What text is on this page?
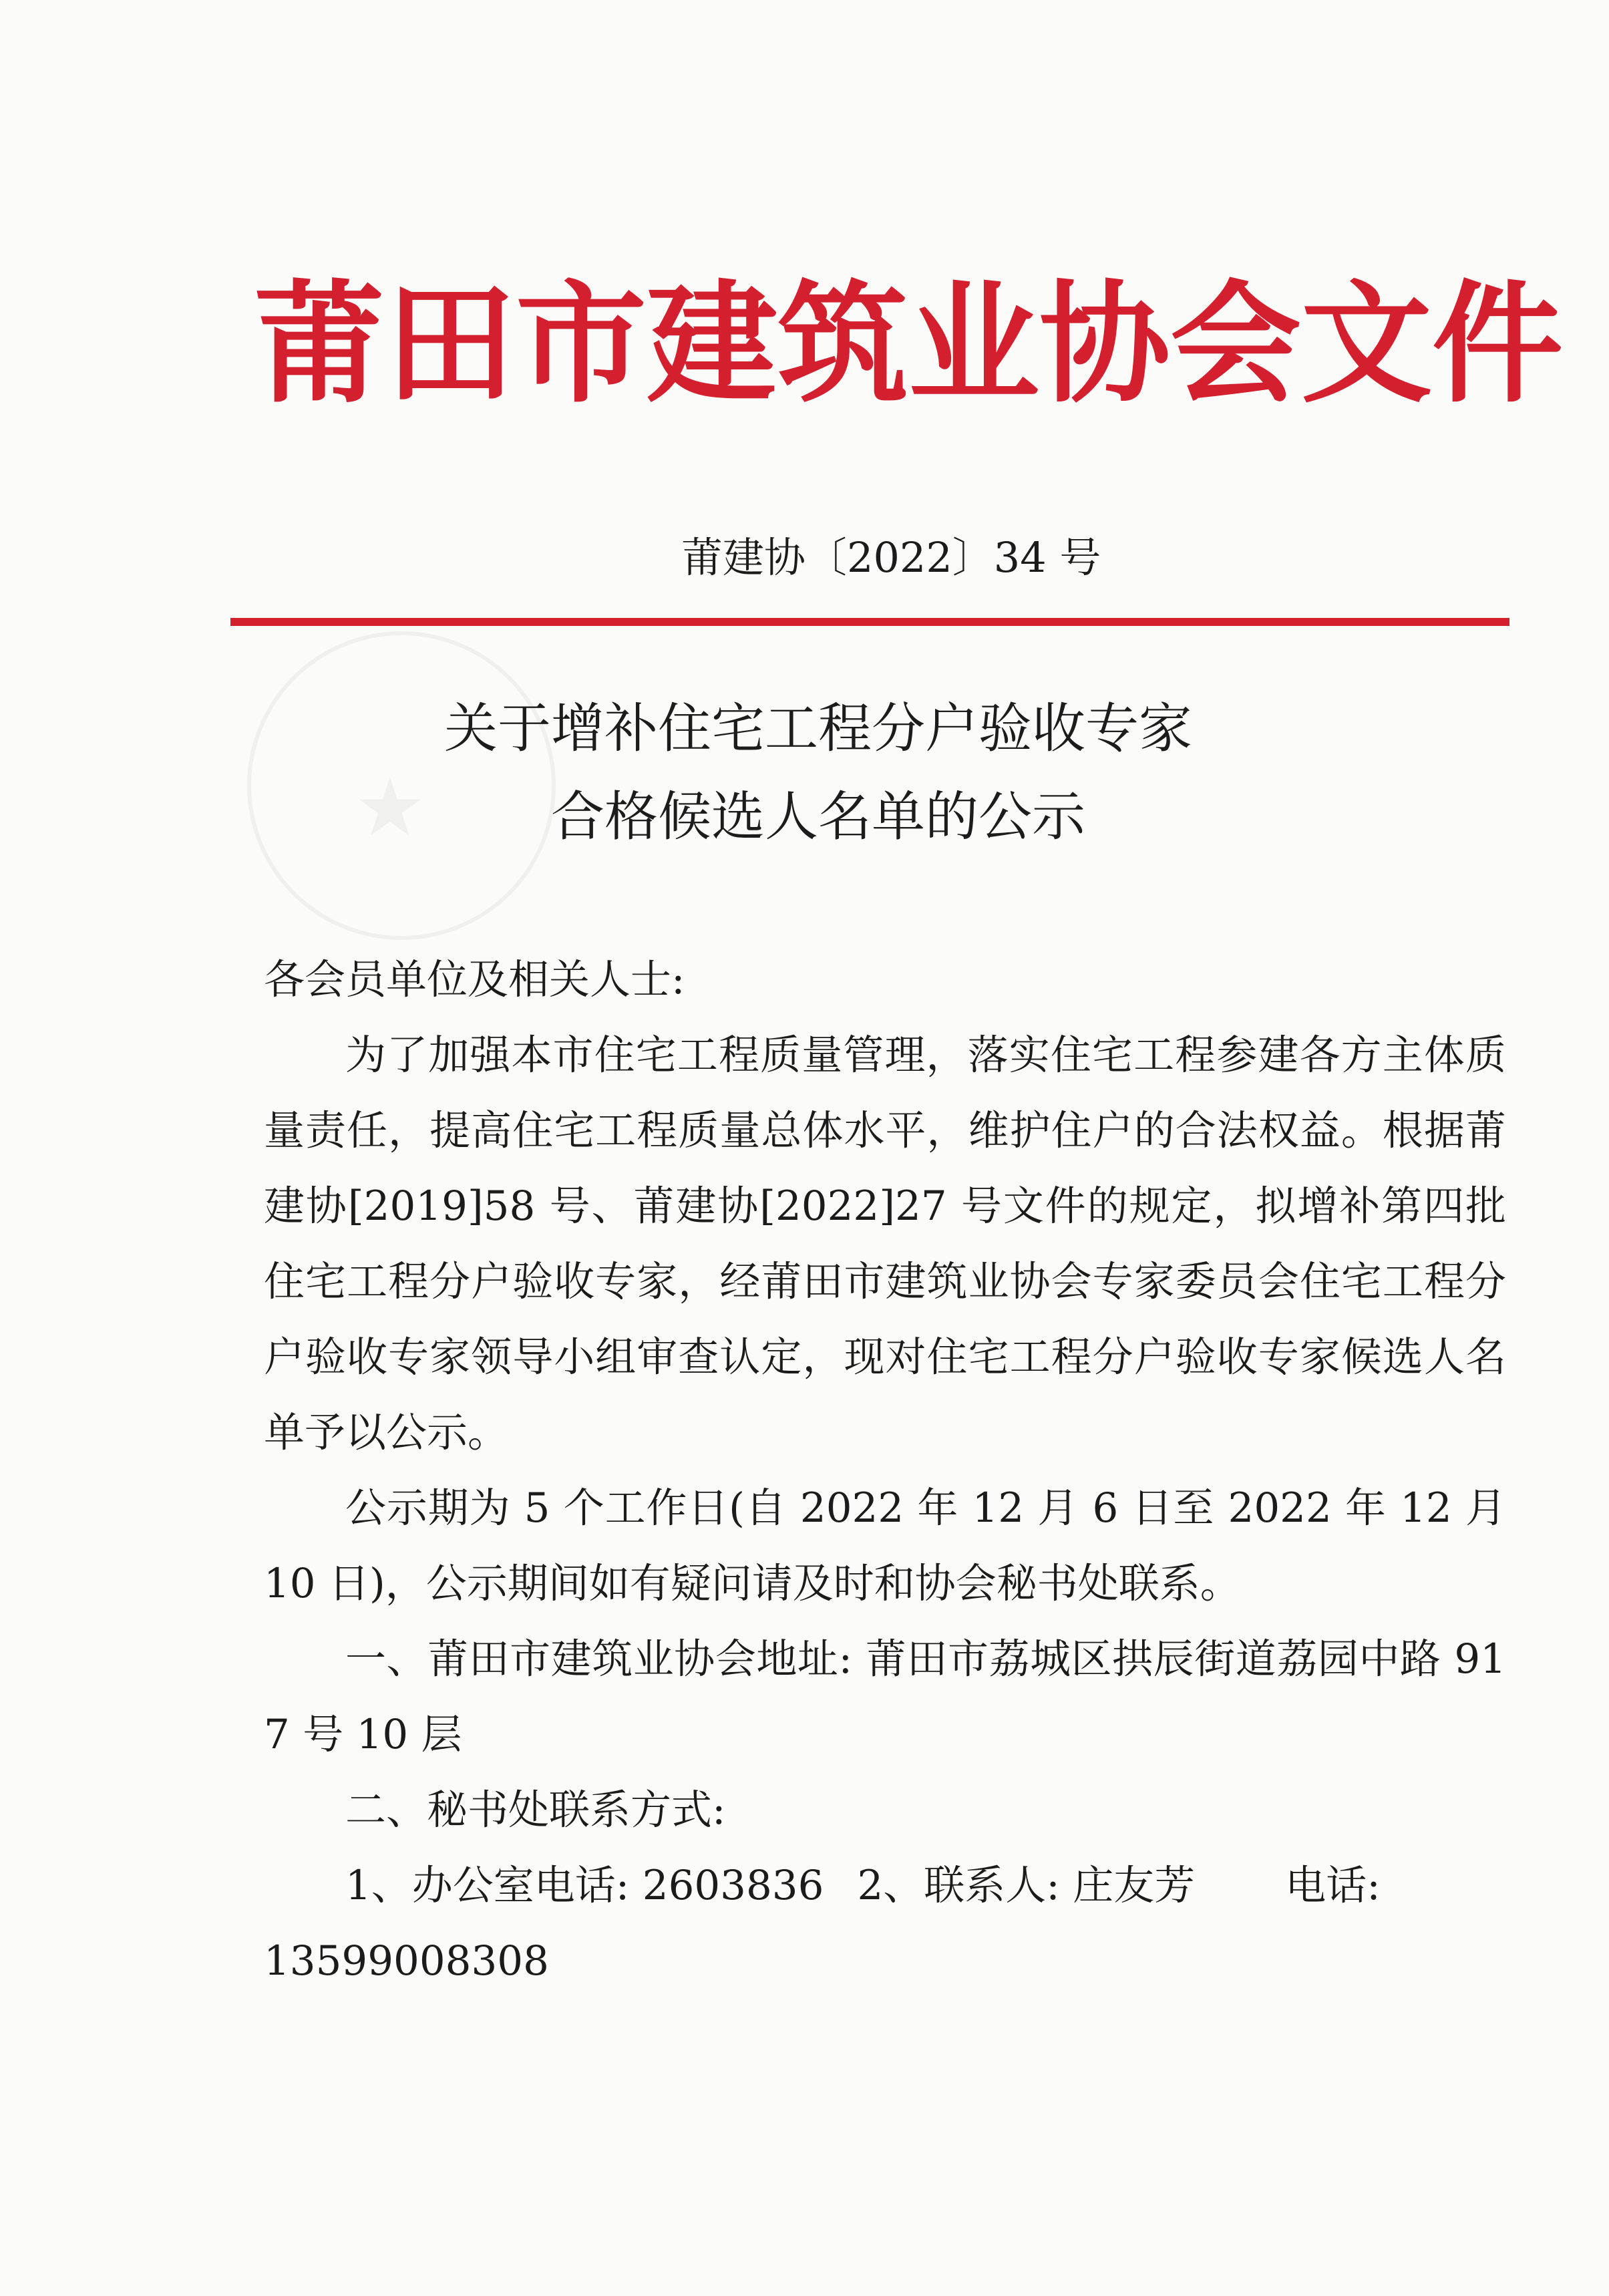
★
莆田市建筑业协会文件
莆建协〔2022〕34 号
关于增补住宅工程分户验收专家
合格候选人名单的公示

各会员单位及相关人士:

为了加强本市住宅工程质量管理，落实住宅工程参建各方主体质量责任，提高住宅工程质量总体水平，维护住户的合法权益。根据莆建协[2019]58 号、莆建协[2022]27 号文件的规定，拟增补第四批住宅工程分户验收专家，经莆田市建筑业协会专家委员会住宅工程分户验收专家领导小组审查认定，现对住宅工程分户验收专家候选人名单予以公示。

公示期为 5 个工作日(自 2022 年 12 月 6 日至 2022 年 12 月 10 日)，公示期间如有疑问请及时和协会秘书处联系。

一、莆田市建筑业协会地址: 莆田市荔城区拱辰街道荔园中路 917 号 10 层

二、秘书处联系方式:

1、办公室电话: 2603836 2、联系人: 庄友芳 电话:

13599008308
